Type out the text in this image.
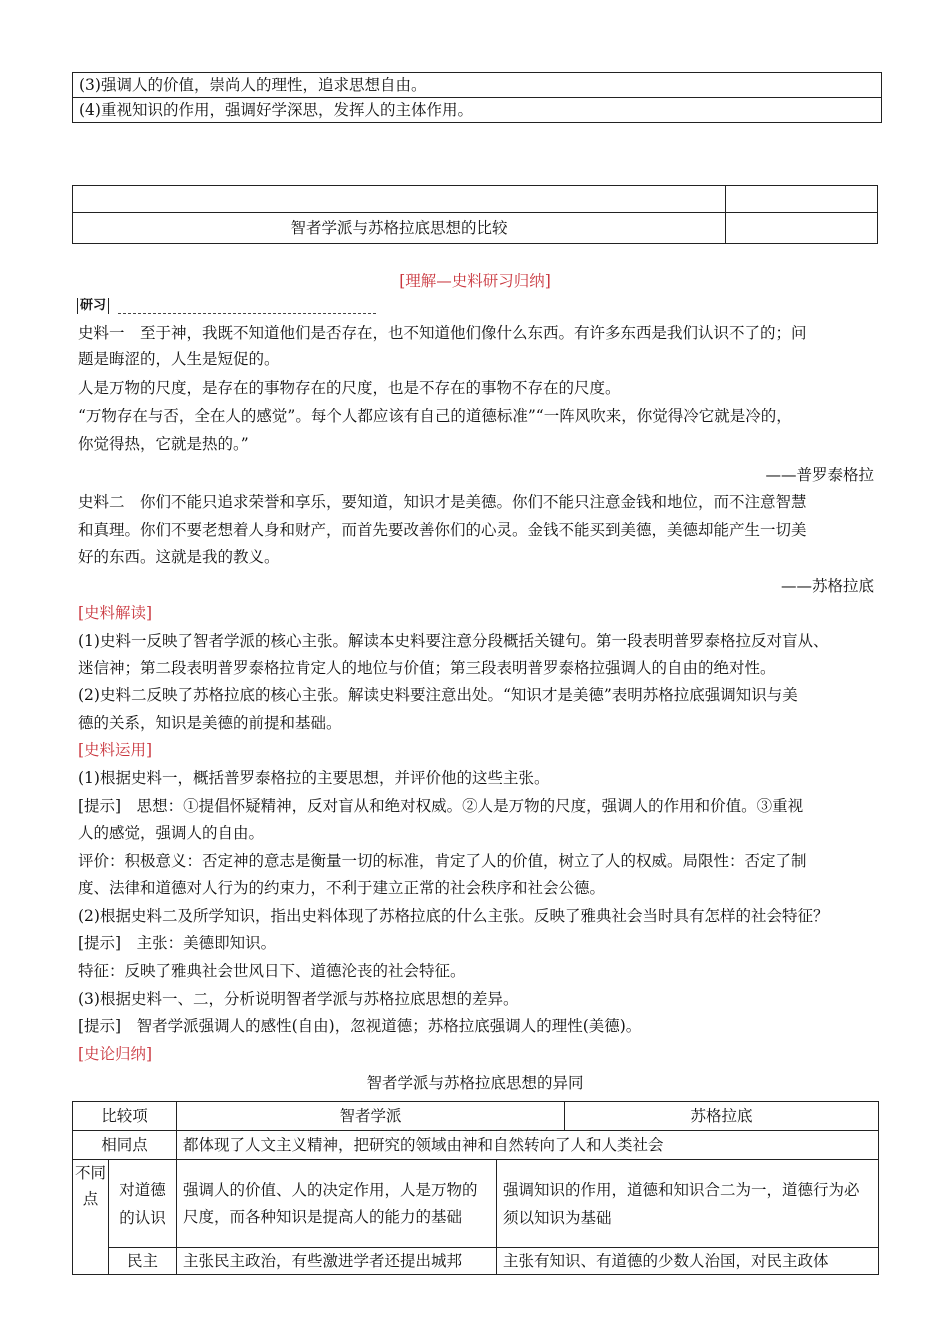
(3)强调人的价值，崇尚人的理性，追求思想自由。
(4)重视知识的作用，强调好学深思，发挥人的主体作用。

智者学派与苏格拉底思想的比较	
[理解—史料研习归纳]
研习
史料一　至于神，我既不知道他们是否存在，也不知道他们像什么东西。有许多东西是我们认识不了的；问
题是晦涩的，人生是短促的。
人是万物的尺度，是存在的事物存在的尺度，也是不存在的事物不存在的尺度。
“万物存在与否，全在人的感觉”。每个人都应该有自己的道德标准”“一阵风吹来，你觉得冷它就是冷的，
你觉得热，它就是热的。”
——普罗泰格拉
史料二　你们不能只追求荣誉和享乐，要知道，知识才是美德。你们不能只注意金钱和地位，而不注意智慧
和真理。你们不要老想着人身和财产，而首先要改善你们的心灵。金钱不能买到美德，美德却能产生一切美
好的东西。这就是我的教义。
——苏格拉底
[史料解读]
(1)史料一反映了智者学派的核心主张。解读本史料要注意分段概括关键句。第一段表明普罗泰格拉反对盲从、
迷信神；第二段表明普罗泰格拉肯定人的地位与价值；第三段表明普罗泰格拉强调人的自由的绝对性。
(2)史料二反映了苏格拉底的核心主张。解读史料要注意出处。“知识才是美德”表明苏格拉底强调知识与美
德的关系，知识是美德的前提和基础。
[史料运用]
(1)根据史料一，概括普罗泰格拉的主要思想，并评价他的这些主张。
[提示]　思想：①提倡怀疑精神，反对盲从和绝对权威。②人是万物的尺度，强调人的作用和价值。③重视
人的感觉，强调人的自由。
评价：积极意义：否定神的意志是衡量一切的标准，肯定了人的价值，树立了人的权威。局限性：否定了制
度、法律和道德对人行为的约束力，不利于建立正常的社会秩序和社会公德。
(2)根据史料二及所学知识，指出史料体现了苏格拉底的什么主张。反映了雅典社会当时具有怎样的社会特征？
[提示]　主张：美德即知识。
特征：反映了雅典社会世风日下、道德沦丧的社会特征。
(3)根据史料一、二，分析说明智者学派与苏格拉底思想的差异。
[提示]　智者学派强调人的感性(自由)，忽视道德；苏格拉底强调人的理性(美德)。
[史论归纳]
智者学派与苏格拉底思想的异同
比较项		智者学派		苏格拉底
相同点		都体现了人文主义精神，把研究的领域由神和自然转向了人和人类社会		
不同点	对道德的认识	强调人的价值、人的决定作用，人是万物的尺度，而各种知识是提高人的能力的基础	强调知识的作用，道德和知识合二为一，道德行为必须以知识为基础	
	民主	主张民主政治，有些激进学者还提出城邦	主张有知识、有道德的少数人治国，对民主政体	
